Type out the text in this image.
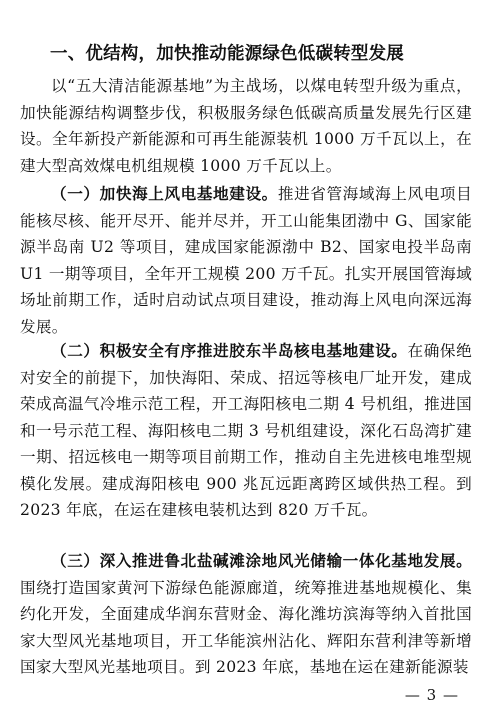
一、优结构，加快推动能源绿色低碳转型发展

以“五大清洁能源基地”为主战场，以煤电转型升级为重点，加快能源结构调整步伐，积极服务绿色低碳高质量发展先行区建设。全年新投产新能源和可再生能源装机 1000 万千瓦以上，在建大型高效煤电机组规模 1000 万千瓦以上。

（一）加快海上风电基地建设。推进省管海域海上风电项目能核尽核、能开尽开、能并尽并，开工山能集团渤中 G、国家能源半岛南 U2 等项目，建成国家能源渤中 B2、国家电投半岛南 U1 一期等项目，全年开工规模 200 万千瓦。扎实开展国管海域场址前期工作，适时启动试点项目建设，推动海上风电向深远海发展。

（二）积极安全有序推进胶东半岛核电基地建设。在确保绝对安全的前提下，加快海阳、荣成、招远等核电厂址开发，建成荣成高温气冷堆示范工程，开工海阳核电二期 4 号机组，推进国和一号示范工程、海阳核电二期 3 号机组建设，深化石岛湾扩建一期、招远核电一期等项目前期工作，推动自主先进核电堆型规模化发展。建成海阳核电 900 兆瓦远距离跨区域供热工程。到 2023 年底，在运在建核电装机达到 820 万千瓦。

（三）深入推进鲁北盐碱滩涂地风光储输一体化基地发展。围绕打造国家黄河下游绿色能源廊道，统筹推进基地规模化、集约化开发，全面建成华润东营财金、海化潍坊滨海等纳入首批国家大型风光基地项目，开工华能滨州沾化、辉阳东营利津等新增国家大型风光基地项目。到 2023 年底，基地在运在建新能源装

— 3 —
